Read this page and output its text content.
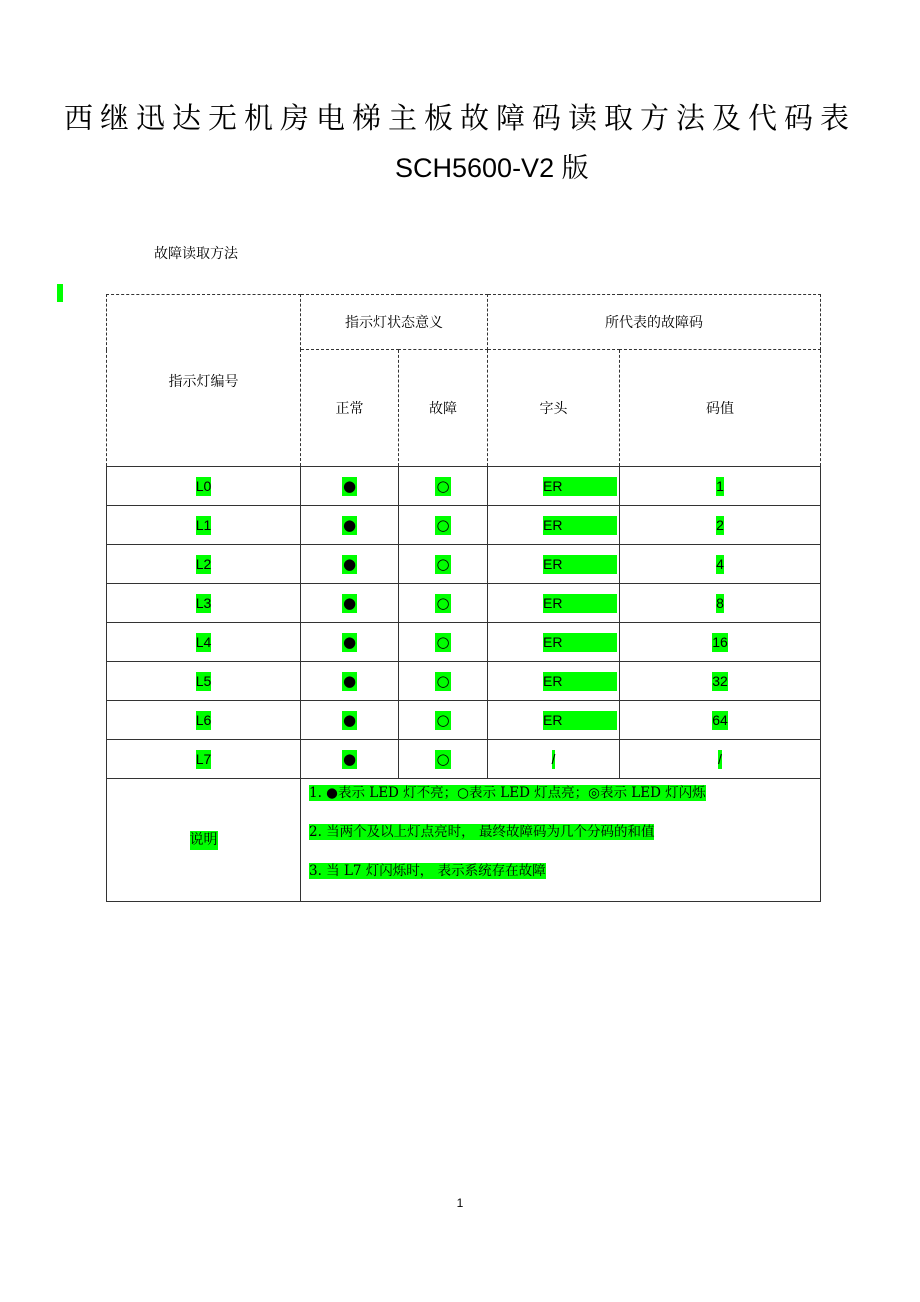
西继迅达无机房电梯主板故障码读取方法及代码表
SCH5600-V2 版
故障读取方法
指示灯编号	指示灯状态意义		所代表的故障码	
	正常	故障	字头	码值
L0	●	○	ER	1
L1	●	○	ER	2
L2	●	○	ER	4
L3	●	○	ER	8
L4	●	○	ER	16
L5	●	○	ER	32
L6	●	○	ER	64
L7	●	○	/	/
说明	1. ●表示 LED 灯不亮；○表示 LED 灯点亮；◎表示 LED 灯闪烁
2. 当两个及以上灯点亮时， 最终故障码为几个分码的和值
3. 当 L7 灯闪烁时， 表示系统存在故障			
1
